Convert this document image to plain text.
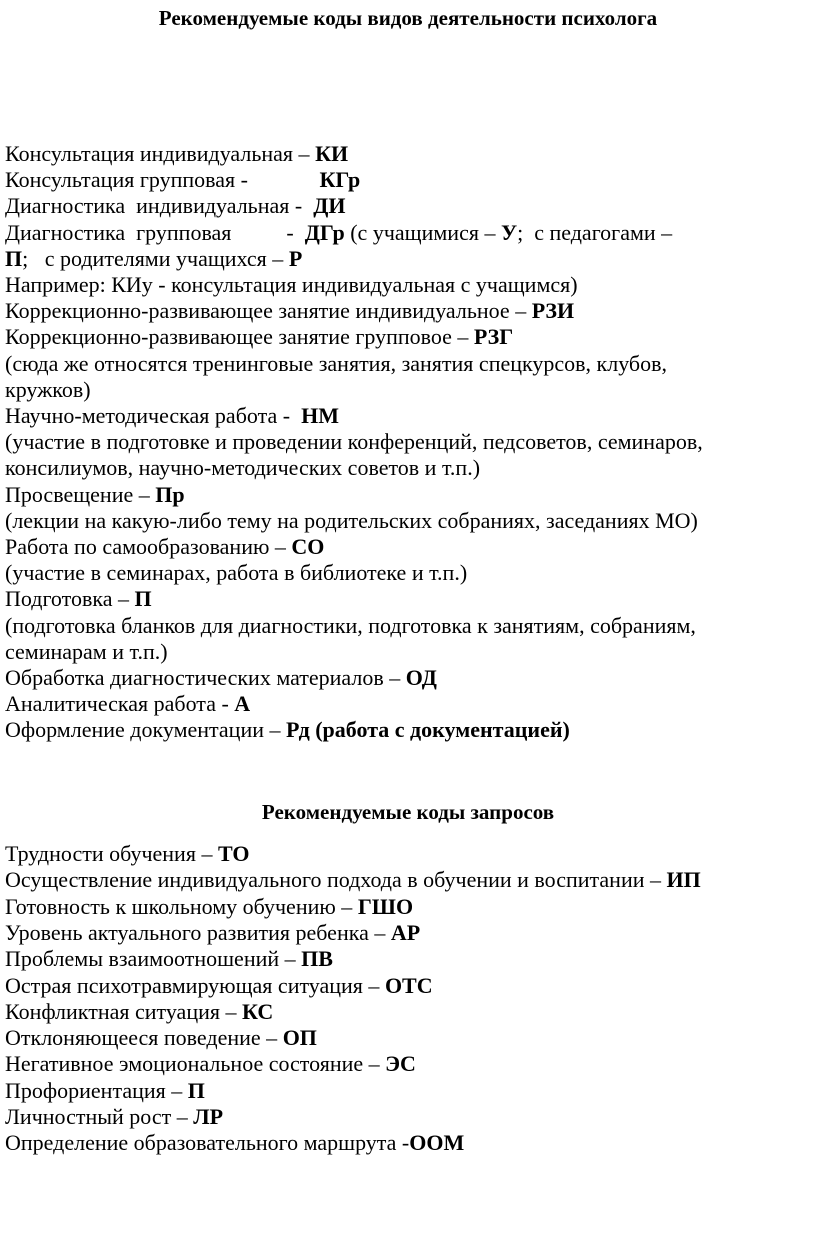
Рекомендуемые коды видов деятельности психолога

Консультация индивидуальная – КИ

Консультация групповая -             КГр

Диагностика  индивидуальная -  ДИ

Диагностика  групповая          -  ДГр (с учащимися – У;  с педагогами –

П;   с родителями учащихся – Р

Например: КИу - консультация индивидуальная с учащимся)

Коррекционно-развивающее занятие индивидуальное – РЗИ

Коррекционно-развивающее занятие групповое – РЗГ

(сюда же относятся тренинговые занятия, занятия спецкурсов, клубов,

кружков)

Научно-методическая работа -  НМ

(участие в подготовке и проведении конференций, педсоветов, семинаров,

консилиумов, научно-методических советов и т.п.)

Просвещение – Пр

(лекции на какую-либо тему на родительских собраниях, заседаниях МО)

Работа по самообразованию – СО

(участие в семинарах, работа в библиотеке и т.п.)

Подготовка – П

(подготовка бланков для диагностики, подготовка к занятиям, собраниям,

семинарам и т.п.)

Обработка диагностических материалов – ОД

Аналитическая работа - А

Оформление документации – Рд (работа с документацией)

Рекомендуемые коды запросов

Трудности обучения – ТО

Осуществление индивидуального подхода в обучении и воспитании – ИП

Готовность к школьному обучению – ГШО

Уровень актуального развития ребенка – АР

Проблемы взаимоотношений – ПВ

Острая психотравмирующая ситуация – ОТС

Конфликтная ситуация – КС

Отклоняющееся поведение – ОП

Негативное эмоциональное состояние – ЭС

Профориентация – П

Личностный рост – ЛР

Определение образовательного маршрута -ООМ
